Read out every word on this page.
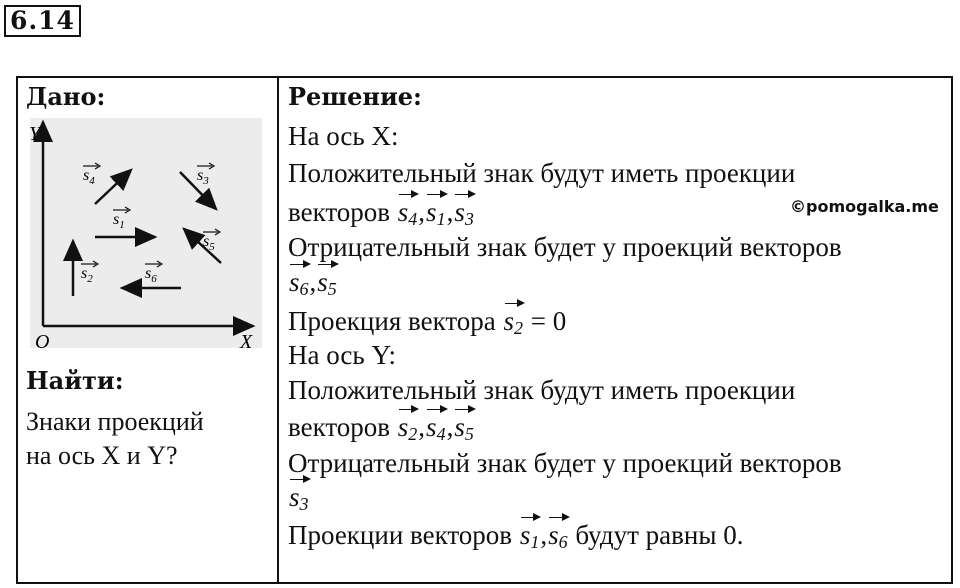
6.14
Дано:
Y
X
O
$s_1$
$s_2$
$s_3$
$s_4$
$s_5$
$s_6$
Найти:
Знаки проекций
на ось X и Y?
Решение:
На ось X:
Положительный знак будут иметь проекции
векторов $s_4,s_1,s_3$
Отрицательный знак будет у проекций векторов
$s_6,s_5$
Проекция вектора $s_2 = 0$
На ось Y:
Положительный знак будут иметь проекции
векторов $s_2,s_4,s_5$
Отрицательный знак будет у проекций векторов
$s_3$
Проекции векторов $s_1,s_6$ будут равны 0.
©pomogalka.me
